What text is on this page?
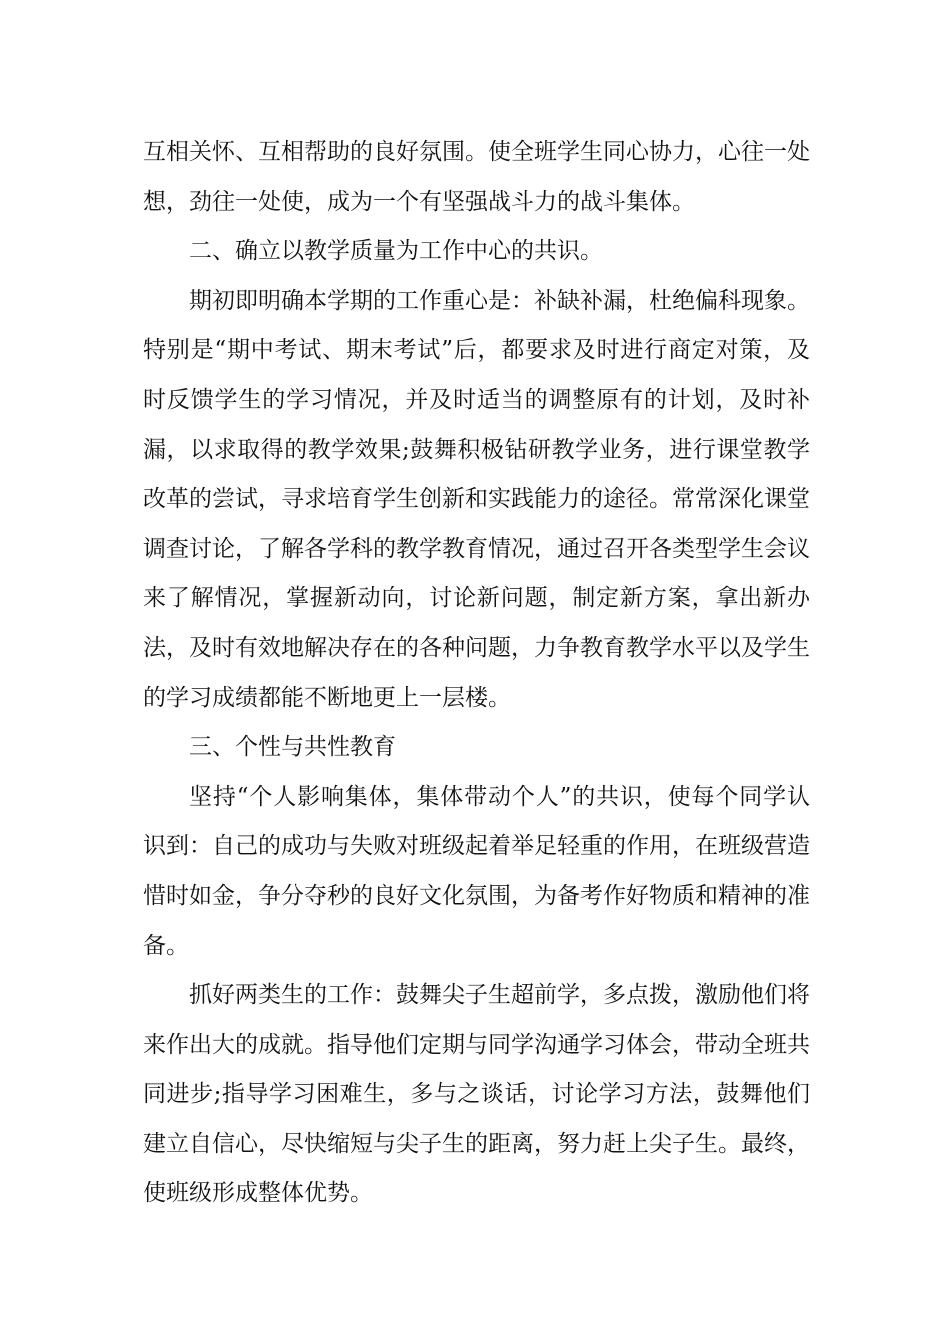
互相关怀、互相帮助的良好氛围。使全班学生同心协力，心往一处想，劲往一处使，成为一个有坚强战斗力的战斗集体。

二、确立以教学质量为工作中心的共识。

期初即明确本学期的工作重心是：补缺补漏，杜绝偏科现象。特别是“期中考试、期末考试”后，都要求及时进行商定对策，及时反馈学生的学习情况，并及时适当的调整原有的计划，及时补漏，以求取得的教学效果;鼓舞积极钻研教学业务，进行课堂教学改革的尝试，寻求培育学生创新和实践能力的途径。常常深化课堂调查讨论，了解各学科的教学教育情况，通过召开各类型学生会议来了解情况，掌握新动向，讨论新问题，制定新方案，拿出新办法，及时有效地解决存在的各种问题，力争教育教学水平以及学生的学习成绩都能不断地更上一层楼。

三、个性与共性教育

坚持“个人影响集体，集体带动个人”的共识，使每个同学认识到：自己的成功与失败对班级起着举足轻重的作用，在班级营造惜时如金，争分夺秒的良好文化氛围，为备考作好物质和精神的准备。

抓好两类生的工作：鼓舞尖子生超前学，多点拨，激励他们将来作出大的成就。指导他们定期与同学沟通学习体会，带动全班共同进步;指导学习困难生，多与之谈话，讨论学习方法，鼓舞他们建立自信心，尽快缩短与尖子生的距离，努力赶上尖子生。最终，使班级形成整体优势。
